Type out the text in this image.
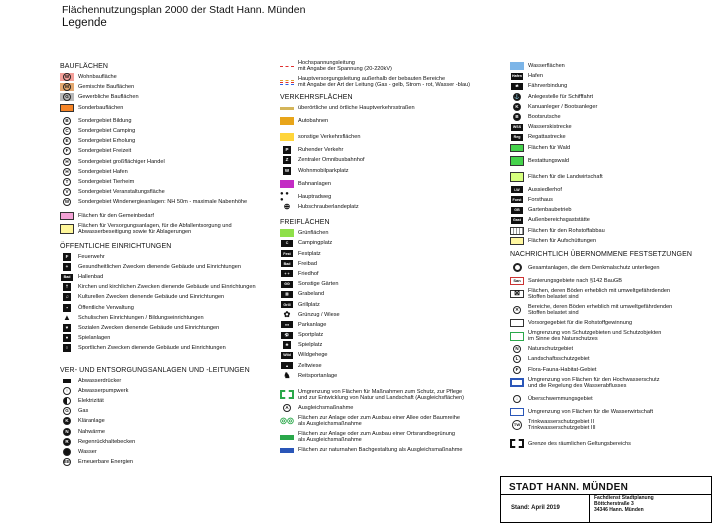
Flächennutzungsplan 2000 der Stadt Hann. Münden
Legende
BAUFLÄCHEN
W	Wohnbaufläche
M	Gemischte Bauflächen
G	Gewerbliche Bauflächen
Sonderbauflächen
B	Sondergebiet Bildung
C	Sondergebiet Camping
E	Sondergebiet Erholung
F	Sondergebiet Freizeit
H	Sondergebiet großflächiger Handel
H	Sondergebiet Hafen
T	Sondergebiet Tierheim
V	Sondergebiet Veranstaltungsfläche
W	Sondergebiet Windenergieanlagen: NH 50m - maximale Nabenhöhe
Flächen für den Gemeinbedarf
Flächen für Versorgungsanlagen, für die Abfallentsorgung und
Abwasserbeseitigung sowie für Ablagerungen
ÖFFENTLICHE EINRICHTUNGEN
F	Feuerwehr
+	Gesundheitlichen Zwecken dienende Gebäude und Einrichtungen
Bad	Hallenbad
†	Kirchen und kirchlichen Zwecken dienende Gebäude und Einrichtungen
♫	Kulturellen Zwecken dienende Gebäude und Einrichtungen
▪	Öffentliche Verwaltung
▲ Schulischen Einrichtungen / Bildungseinrichtungen
♥	Sozialen Zwecken dienende Gebäude und Einrichtungen
●	Spielanlagen
○	Sportlichen Zwecken dienende Gebäude und Einrichtungen
VER- UND ENTSORGUNGSANLAGEN UND -LEITUNGEN
Abwasserdrücker
↑	Abwasserpumpwerk
Elektrizität
G	Gas
K	Kläranlage
N	Nahwärme
R	Regenrückhaltebecken
Wasser
EE Erneuerbare Energien
Hochspannungsleitung
mit Angabe der Spannung (20-220kV)
Hauptversorgungsleitung außerhalb der bebauten Bereiche
mit Angabe der Art der Leitung (Gas - gelb, Strom - rot, Wasser -blau)
VERKEHRSFLÄCHEN
überörtliche und örtliche Hauptverkehrsstraßen
Autobahnen
sonstige Verkehrsflächen
P	Ruhender Verkehr
Z	Zentraler Omnibusbahnhof
W	Wohnmobilparkplatz
Bahnanlagen
● ● ●	Hauptradweg
⊕	Hubschrauberlandeplatz
FREIFLÄCHEN
Grünflächen
C	Campingplatz
Fest	Festplatz
Bad	Freibad
+ +	Friedhof
ʘʘ	Sonstige Gärten
▥	Grabeland
Grill	Grillplatz
✿	Grünzug / Wiese
●●	Parkanlage
⚽	Sportplatz
♣	Spielplatz
Wild	Wildgehege
▲	Zeltwiese
♞	Reitsportanlage
Umgrenzung von Flächen für Maßnahmen zum Schutz, zur Pflege
und zur Entwicklung von Natur und Landschaft (Ausgleichsflächen)
A	Ausgleichsmaßnahme
◎◎ Flächen zur Anlage oder zum Ausbau einer Allee oder Baumreihe
als Ausgleichsmaßnahme
Flächen zur Anlage oder zum Ausbau einer Ortsrandbegrünung
als Ausgleichsmaßnahme
Flächen zur naturnahen Bachgestaltung als Ausgleichsmaßnahme
Wasserflächen
Hafen Hafen
⇄	Fährverbindung
⚓ Anlegestelle für Schifffahrt
K	Kanuanleger / Bootsanleger
B	Bootsrutsche
WSS	Wasserskistrecke
Reg	Regattastrecke
Flächen für Wald
Bestattungswald
Flächen für die Landwirtschaft
LW	Aussiedlerhof
Forst Forsthaus
GB	Gartenbaubetrieb
Gast	Außenbereichsgaststätte
Flächen für den Rohstoffabbau
Flächen für Aufschüttungen
NACHRICHTLICH ÜBERNOMMENE FESTSETZUNGEN
Gesamtanlagen, die dem Denkmalschutz unterliegen
San	Sanierungsgebiete nach §142 BauGB
⊠	Flächen, deren Böden erheblich mit umweltgefährdenden
Stoffen belastet sind
✕	Bereiche, deren Böden erheblich mit umweltgefährdenden
Stoffen belastet sind
Vorsorgegebiet für die Rohstoffgewinnung
Umgrenzung von Schutzgebieten und Schutzobjekten
im Sinne des Naturschutzes
N	Naturschutzgebiet
L	Landschaftsschutzgebiet
F	Flora-Fauna-Habitat-Gebiet
Umgrenzung von Flächen für den Hochwasserschutz
und die Regelung des Wasserabflusses
◌	Überschwemmungsgebiet
Umgrenzung von Flächen für die Wasserwirtschaft
TW	Trinkwasserschutzgebiet II
Trinkwasserschutzgebiet III
Grenze des räumlichen Geltungsbereichs
STADT HANN. MÜNDEN
Stand: April 2019
Fachdienst Stadtplanung
Böttcherstraße 3
34346 Hann. Münden
